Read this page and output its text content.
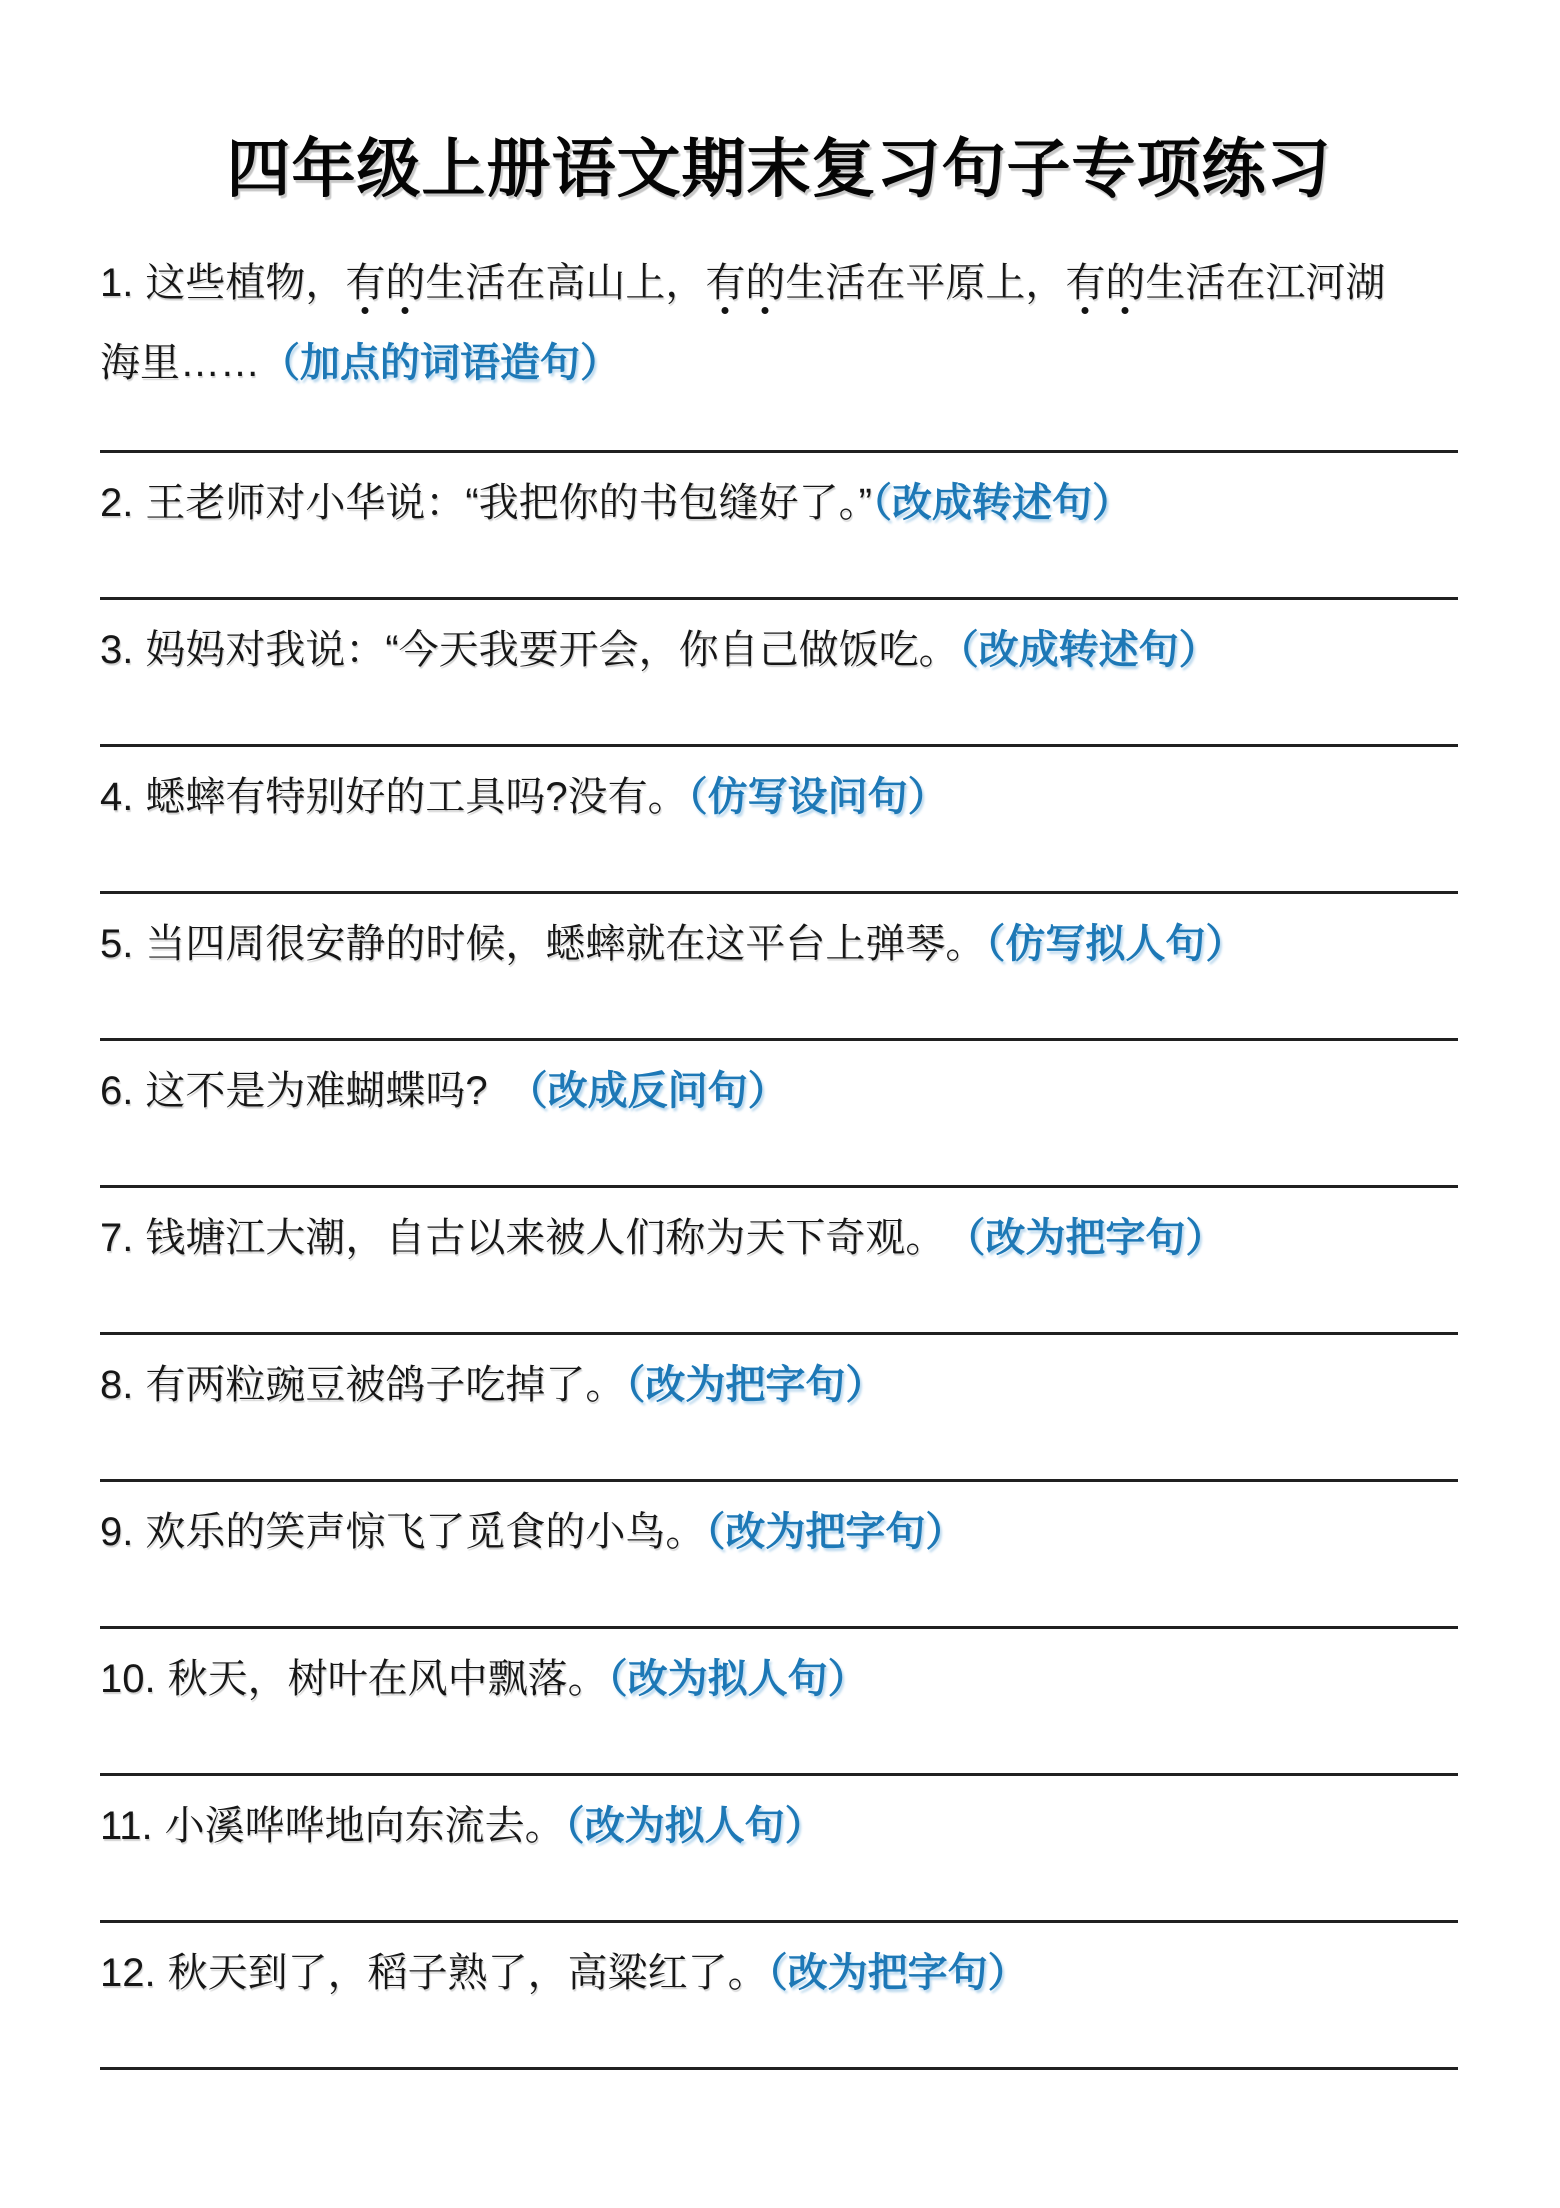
四年级上册语文期末复习句子专项练习

1. 这些植物，有的生活在高山上，有的生活在平原上，有的生活在江河湖海里……（加点的词语造句）

2. 王老师对小华说：“我把你的书包缝好了。”（改成转述句）

3. 妈妈对我说：“今天我要开会，你自己做饭吃。（改成转述句）

4. 蟋蟀有特别好的工具吗?没有。（仿写设问句）

5. 当四周很安静的时候，蟋蟀就在这平台上弹琴。（仿写拟人句）

6. 这不是为难蝴蝶吗?　（改成反问句）

7. 钱塘江大潮，自古以来被人们称为天下奇观。　（改为把字句）

8. 有两粒豌豆被鸽子吃掉了。（改为把字句）

9. 欢乐的笑声惊飞了觅食的小鸟。（改为把字句）

10. 秋天，树叶在风中飘落。（改为拟人句）

11. 小溪哗哗地向东流去。（改为拟人句）

12. 秋天到了，稻子熟了，高粱红了。（改为把字句）
